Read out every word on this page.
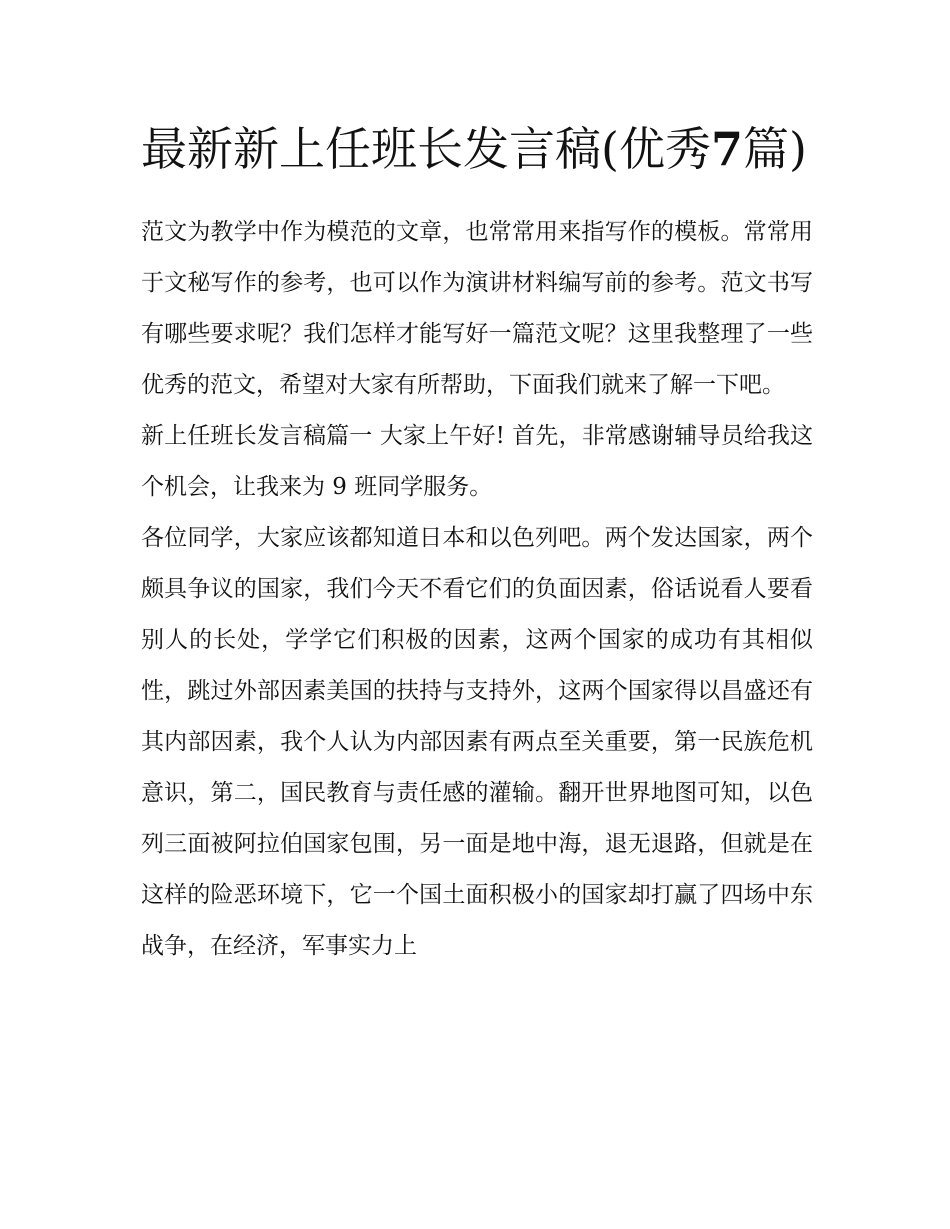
最新新上任班长发言稿(优秀7篇)

范文为教学中作为模范的文章，也常常用来指写作的模板。常常用于文秘写作的参考，也可以作为演讲材料编写前的参考。范文书写有哪些要求呢？我们怎样才能写好一篇范文呢？这里我整理了一些优秀的范文，希望对大家有所帮助，下面我们就来了解一下吧。

新上任班长发言稿篇一 大家上午好! 首先，非常感谢辅导员给我这个机会，让我来为 9 班同学服务。

各位同学，大家应该都知道日本和以色列吧。两个发达国家，两个颇具争议的国家，我们今天不看它们的负面因素，俗话说看人要看别人的长处，学学它们积极的因素，这两个国家的成功有其相似性，跳过外部因素美国的扶持与支持外，这两个国家得以昌盛还有其内部因素，我个人认为内部因素有两点至关重要，第一民族危机意识，第二，国民教育与责任感的灌输。翻开世界地图可知，以色列三面被阿拉伯国家包围，另一面是地中海，退无退路，但就是在这样的险恶环境下，它一个国土面积极小的国家却打赢了四场中东战争，在经济，军事实力上
